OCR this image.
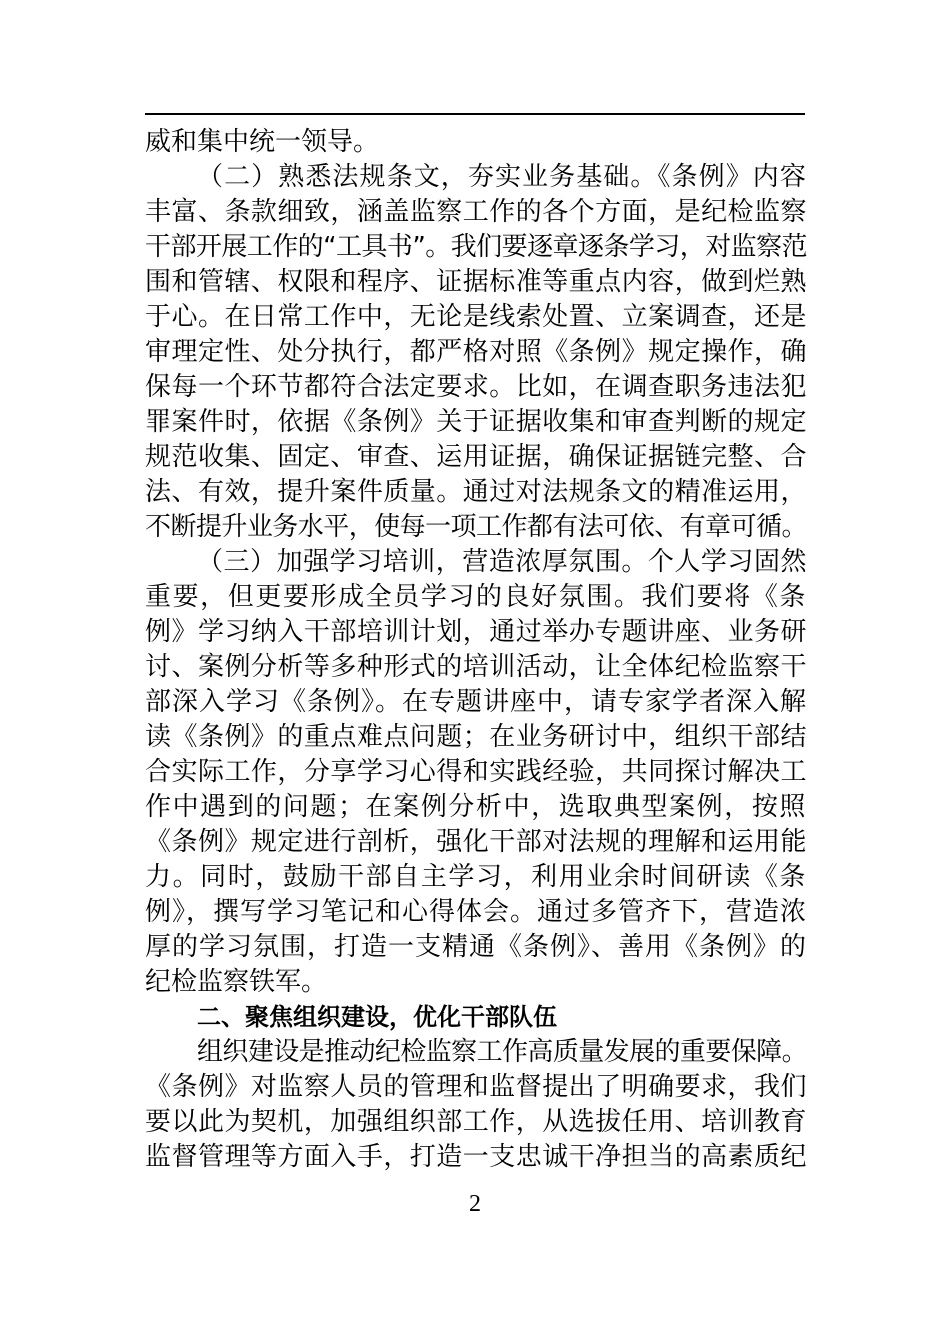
威和集中统一领导。
（二）熟悉法规条文，夯实业务基础。《条例》内容
丰富、条款细致，涵盖监察工作的各个方面，是纪检监察
干部开展工作的“工具书”。我们要逐章逐条学习，对监察范
围和管辖、权限和程序、证据标准等重点内容，做到烂熟
于心。在日常工作中，无论是线索处置、立案调查，还是
审理定性、处分执行，都严格对照《条例》规定操作，确
保每一个环节都符合法定要求。比如，在调查职务违法犯
罪案件时，依据《条例》关于证据收集和审查判断的规定
规范收集、固定、审查、运用证据，确保证据链完整、合
法、有效，提升案件质量。通过对法规条文的精准运用，
不断提升业务水平，使每一项工作都有法可依、有章可循。
（三）加强学习培训，营造浓厚氛围。个人学习固然
重要，但更要形成全员学习的良好氛围。我们要将《条
例》学习纳入干部培训计划，通过举办专题讲座、业务研
讨、案例分析等多种形式的培训活动，让全体纪检监察干
部深入学习《条例》。在专题讲座中，请专家学者深入解
读《条例》的重点难点问题；在业务研讨中，组织干部结
合实际工作，分享学习心得和实践经验，共同探讨解决工
作中遇到的问题；在案例分析中，选取典型案例，按照
《条例》规定进行剖析，强化干部对法规的理解和运用能
力。同时，鼓励干部自主学习，利用业余时间研读《条
例》，撰写学习笔记和心得体会。通过多管齐下，营造浓
厚的学习氛围，打造一支精通《条例》、善用《条例》的
纪检监察铁军。
二、聚焦组织建设，优化干部队伍
组织建设是推动纪检监察工作高质量发展的重要保障。
《条例》对监察人员的管理和监督提出了明确要求，我们
要以此为契机，加强组织部工作，从选拔任用、培训教育
监督管理等方面入手，打造一支忠诚干净担当的高素质纪
2
